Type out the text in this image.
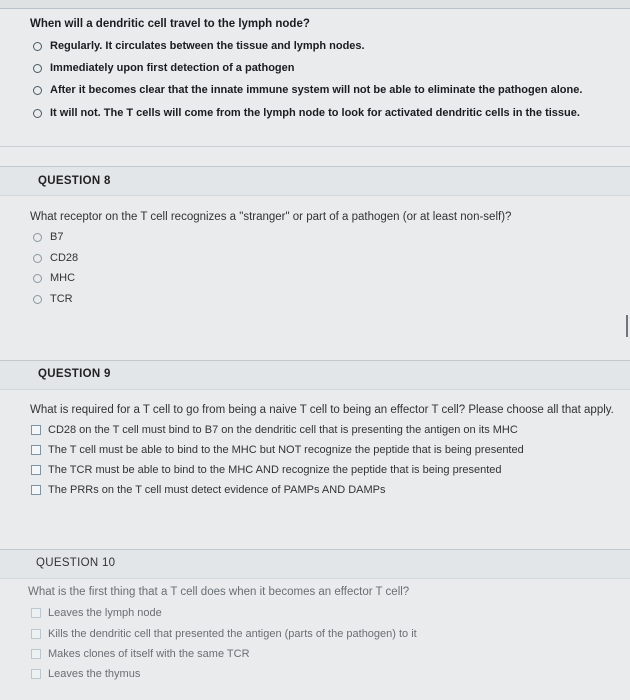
When will a dendritic cell travel to the lymph node?
Regularly. It circulates between the tissue and lymph nodes.
Immediately upon first detection of a pathogen
After it becomes clear that the innate immune system will not be able to eliminate the pathogen alone.
It will not. The T cells will come from the lymph node to look for activated dendritic cells in the tissue.
QUESTION 8
What receptor on the T cell recognizes a "stranger" or part of a pathogen (or at least non-self)?
B7
CD28
MHC
TCR
QUESTION 9
What is required for a T cell to go from being a naive T cell to being an effector T cell? Please choose all that apply.
CD28 on the T cell must bind to B7 on the dendritic cell that is presenting the antigen on its MHC
The T cell must be able to bind to the MHC but NOT recognize the peptide that is being presented
The TCR must be able to bind to the MHC AND recognize the peptide that is being presented
The PRRs on the T cell must detect evidence of PAMPs AND DAMPs
QUESTION 10
What is the first thing that a T cell does when it becomes an effector T cell?
Leaves the lymph node
Kills the dendritic cell that presented the antigen (parts of the pathogen) to it
Makes clones of itself with the same TCR
Leaves the thymus
